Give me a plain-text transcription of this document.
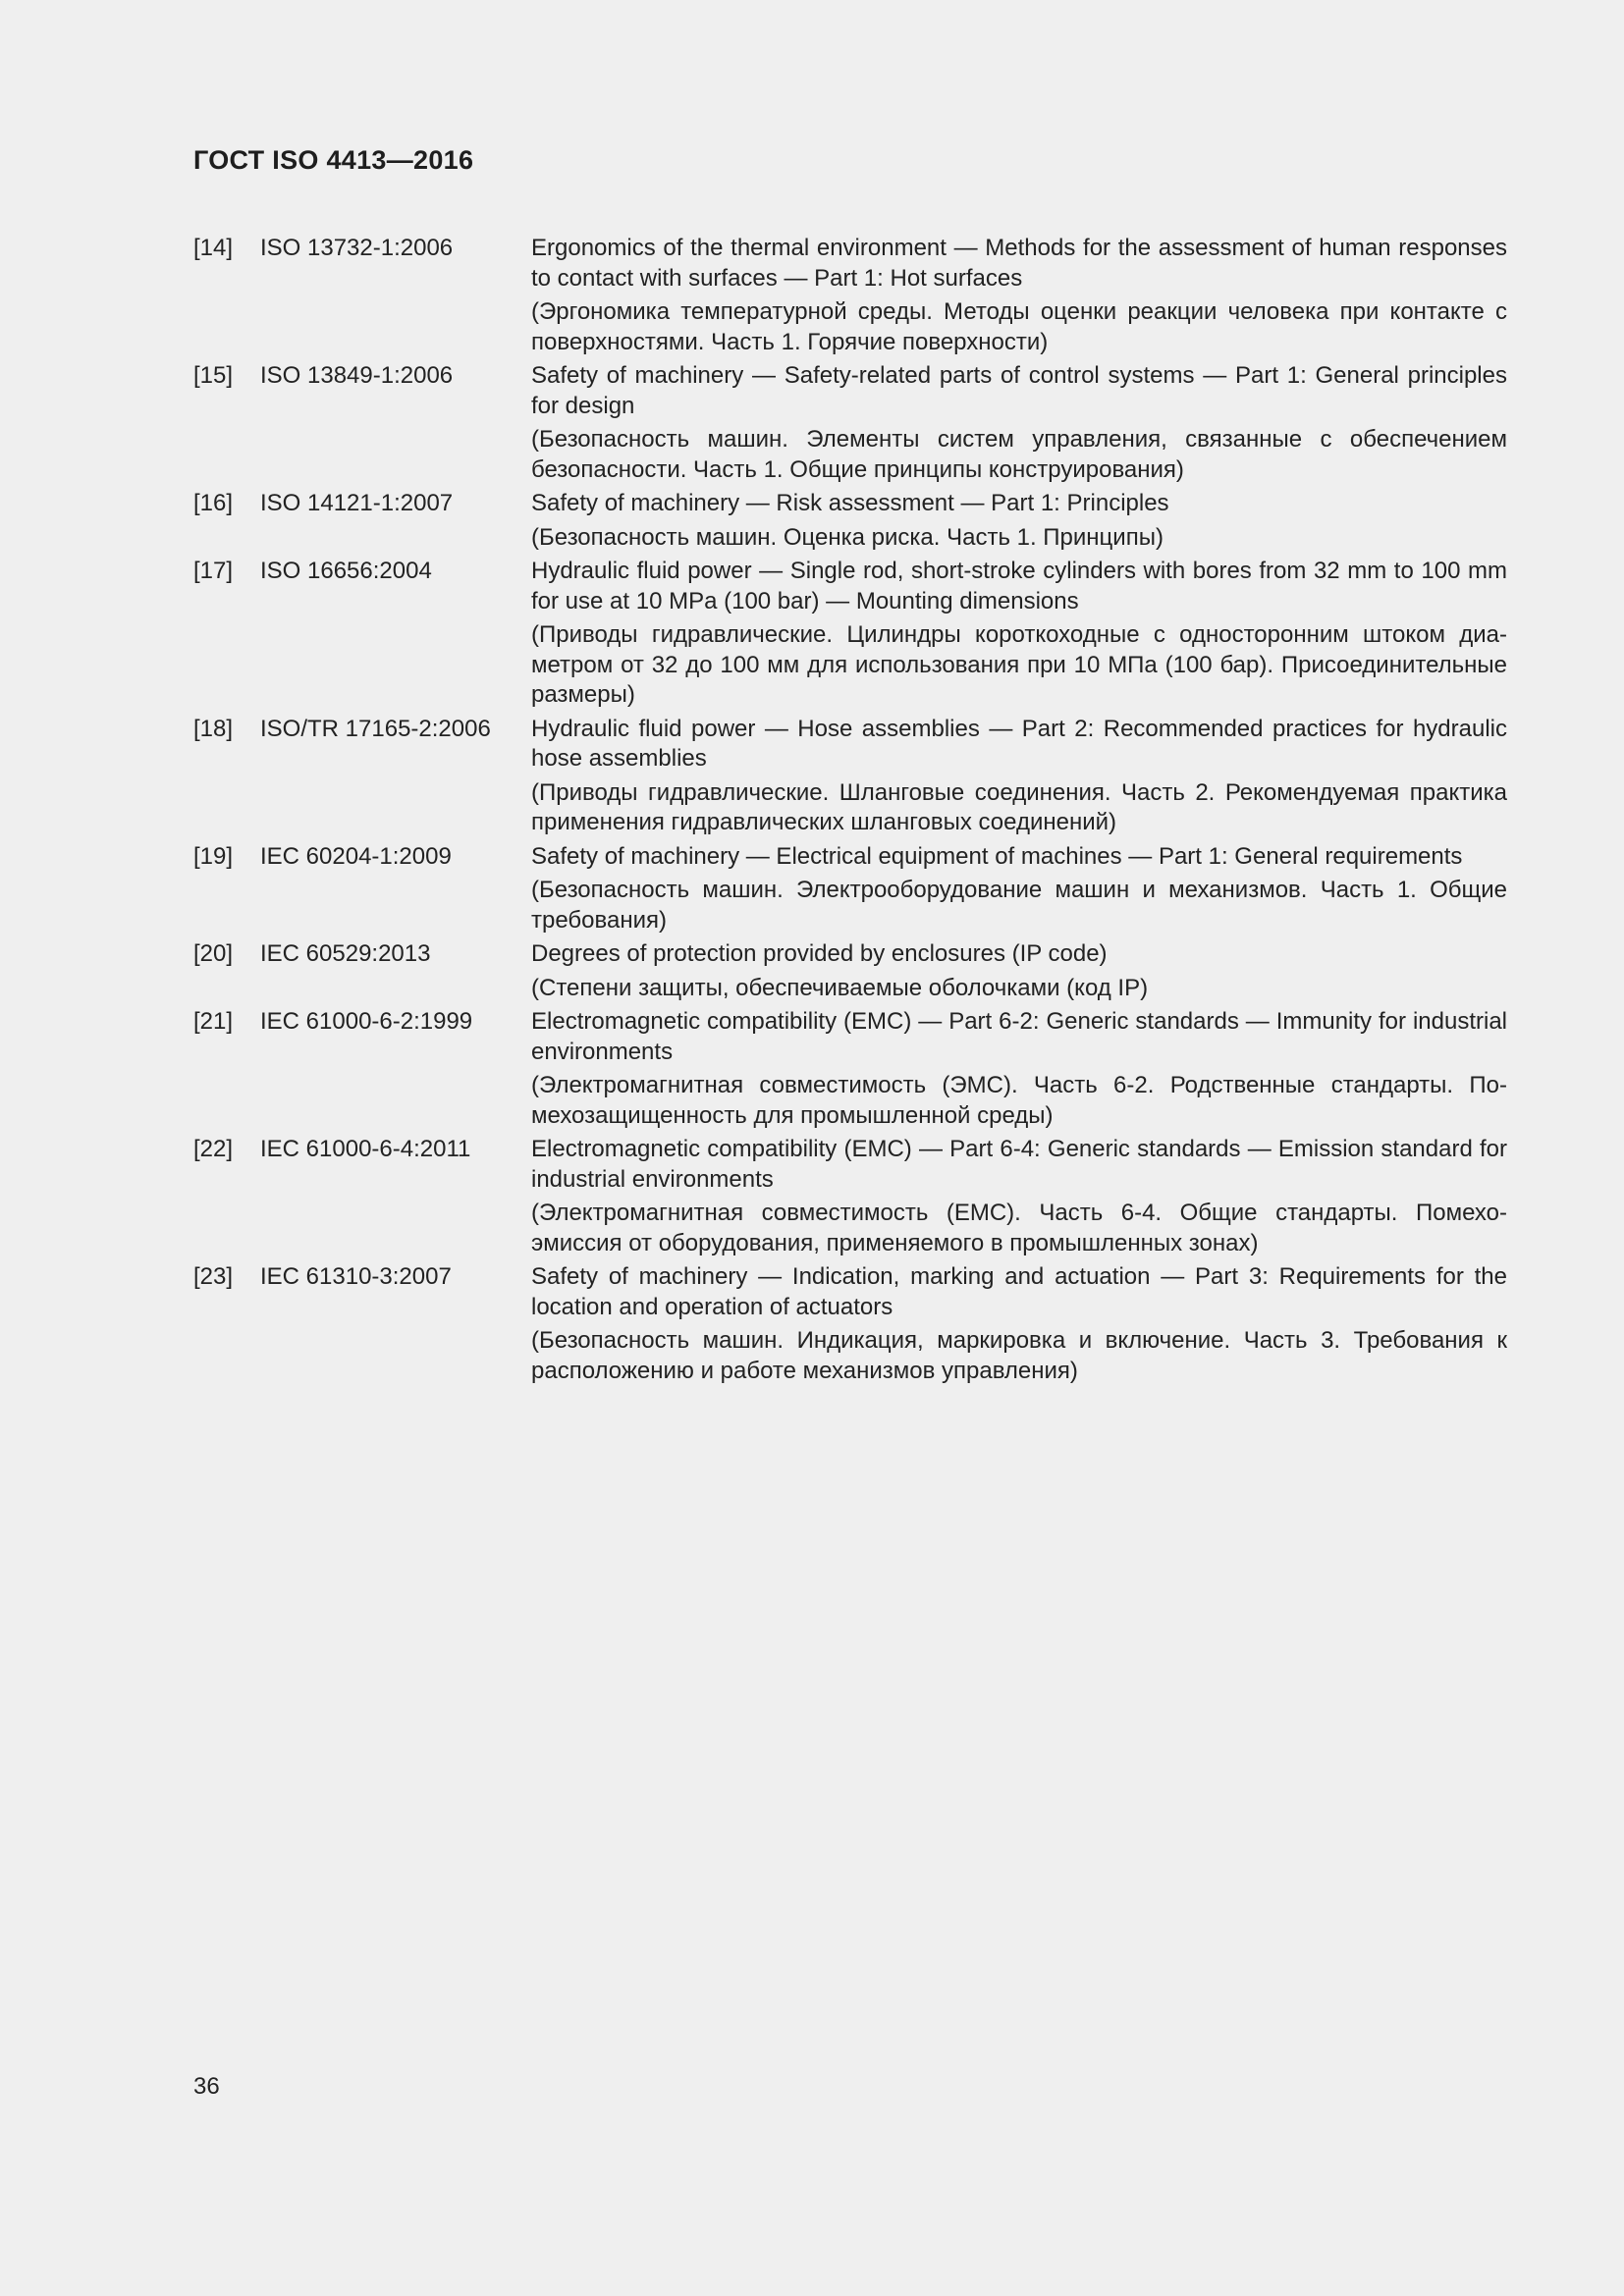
ГОСТ ISO 4413—2016
[14]	ISO 13732-1:2006	Ergonomics of the thermal environment — Methods for the assessment of human responses to contact with surfaces — Part 1: Hot surfaces
(Эргономика температурной среды. Методы оценки реакции человека при контакте с поверхностями. Часть 1. Горячие поверхности)
[15]	ISO 13849-1:2006	Safety of machinery — Safety-related parts of control systems — Part 1: General principles for design
(Безопасность машин. Элементы систем управления, связанные с обеспечением безопасности. Часть 1. Общие принципы конструирования)
[16]	ISO 14121-1:2007	Safety of machinery — Risk assessment — Part 1: Principles
(Безопасность машин. Оценка риска. Часть 1. Принципы)
[17]	ISO 16656:2004	Hydraulic fluid power — Single rod, short-stroke cylinders with bores from 32 mm to 100 mm for use at 10 MPa (100 bar) — Mounting dimensions
(Приводы гидравлические. Цилиндры короткоходные с односторонним штоком диаметром от 32 до 100 мм для использования при 10 МПа (100 бар). Присоединительные размеры)
[18]	ISO/TR 17165-2:2006	Hydraulic fluid power — Hose assemblies — Part 2: Recommended practices for hydraulic hose assemblies
(Приводы гидравлические. Шланговые соединения. Часть 2. Рекомендуемая практика применения гидравлических шланговых соединений)
[19]	IEC 60204-1:2009	Safety of machinery — Electrical equipment of machines — Part 1: General requirements
(Безопасность машин. Электрооборудование машин и механизмов. Часть 1. Общие требования)
[20]	IEC 60529:2013	Degrees of protection provided by enclosures (IP code)
(Степени защиты, обеспечиваемые оболочками (код IP)
[21]	IEC 61000-6-2:1999	Electromagnetic compatibility (EMC) — Part 6-2: Generic standards — Immunity for industrial environments
(Электромагнитная совместимость (ЭМС). Часть 6-2. Родственные стандарты. Помехозащищенность для промышленной среды)
[22]	IEC 61000-6-4:2011	Electromagnetic compatibility (EMC) — Part 6-4: Generic standards — Emission standard for industrial environments
(Электромагнитная совместимость (ЕМС). Часть 6-4. Общие стандарты. Помехоэмиссия от оборудования, применяемого в промышленных зонах)
[23]	IEC 61310-3:2007	Safety of machinery — Indication, marking and actuation — Part 3: Requirements for the location and operation of actuators
(Безопасность машин. Индикация, маркировка и включение. Часть 3. Требования к расположению и работе механизмов управления)
36
